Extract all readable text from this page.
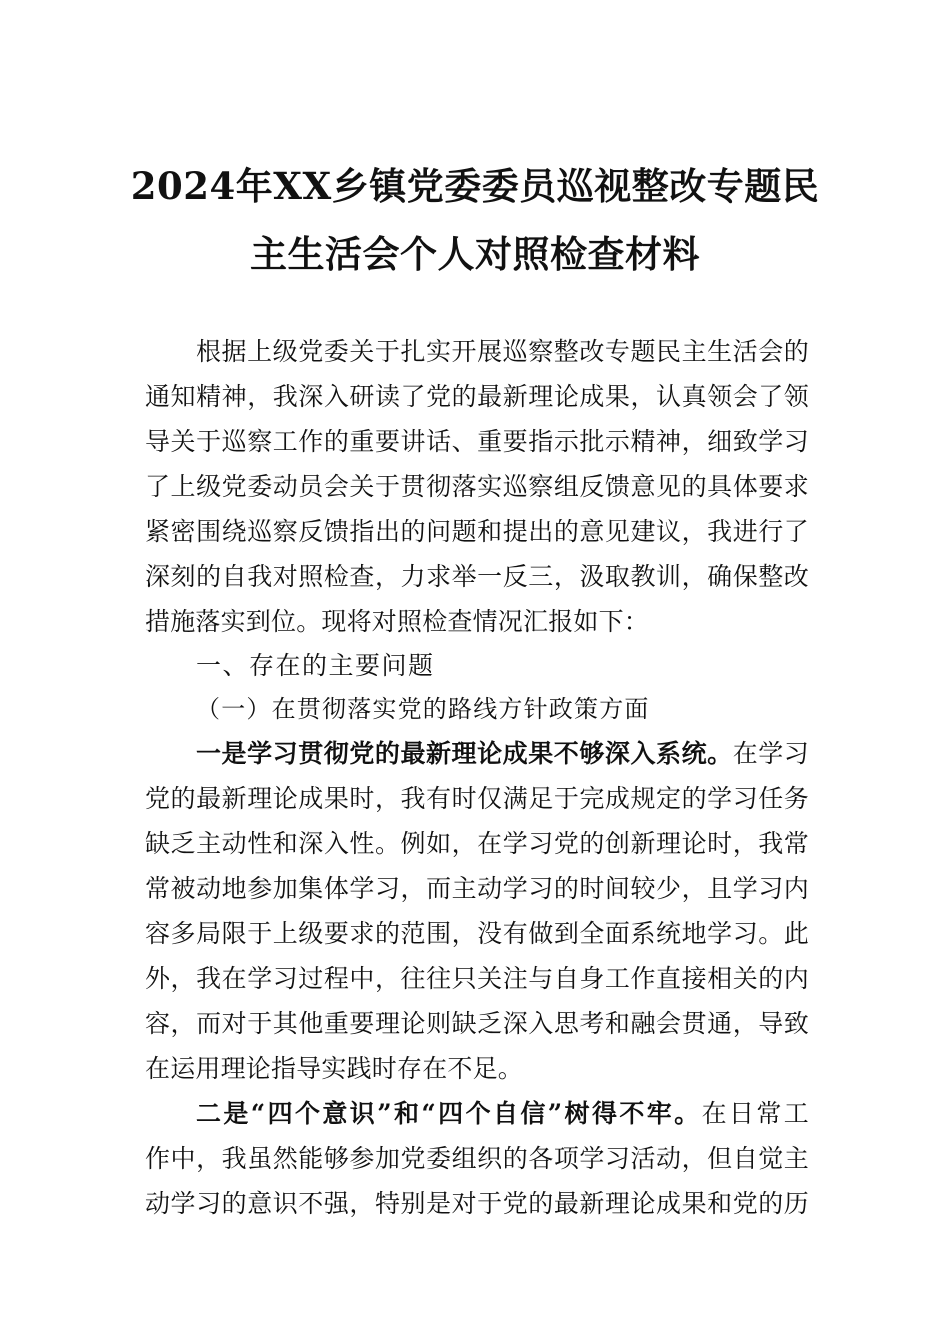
2024年XX乡镇党委委员巡视整改专题民
主生活会个人对照检查材料
根据上级党委关于扎实开展巡察整改专题民主生活会的
通知精神，我深入研读了党的最新理论成果，认真领会了领
导关于巡察工作的重要讲话、重要指示批示精神，细致学习
了上级党委动员会关于贯彻落实巡察组反馈意见的具体要求
紧密围绕巡察反馈指出的问题和提出的意见建议，我进行了
深刻的自我对照检查，力求举一反三，汲取教训，确保整改
措施落实到位。现将对照检查情况汇报如下：
一、存在的主要问题
（一）在贯彻落实党的路线方针政策方面
一是学习贯彻党的最新理论成果不够深入系统。在学习
党的最新理论成果时，我有时仅满足于完成规定的学习任务
缺乏主动性和深入性。例如，在学习党的创新理论时，我常
常被动地参加集体学习，而主动学习的时间较少，且学习内
容多局限于上级要求的范围，没有做到全面系统地学习。此
外，我在学习过程中，往往只关注与自身工作直接相关的内
容，而对于其他重要理论则缺乏深入思考和融会贯通，导致
在运用理论指导实践时存在不足。
二是“四个意识”和“四个自信”树得不牢。在日常工
作中，我虽然能够参加党委组织的各项学习活动，但自觉主
动学习的意识不强，特别是对于党的最新理论成果和党的历
